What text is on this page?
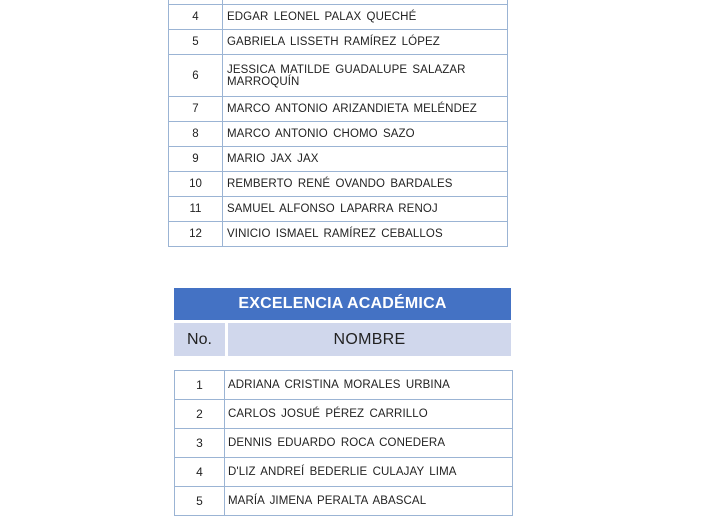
4	EDGAR LEONEL PALAX QUECHÉ
5	GABRIELA LISSETH RAMÍREZ LÓPEZ
6	JESSICA MATILDE GUADALUPE SALAZAR MARROQUÍN
7	MARCO ANTONIO ARIZANDIETA MELÉNDEZ
8	MARCO ANTONIO CHOMO SAZO
9	MARIO JAX JAX
10	REMBERTO RENÉ OVANDO BARDALES
11	SAMUEL ALFONSO LAPARRA RENOJ
12	VINICIO ISMAEL RAMÍREZ CEBALLOS
EXCELENCIA ACADÉMICA
No.	NOMBRE
1	ADRIANA CRISTINA MORALES URBINA
2	CARLOS JOSUÉ PÉREZ CARRILLO
3	DENNIS EDUARDO ROCA CONEDERA
4	D'LIZ ANDREÍ BEDERLIE CULAJAY LIMA
5	MARÍA JIMENA PERALTA ABASCAL
